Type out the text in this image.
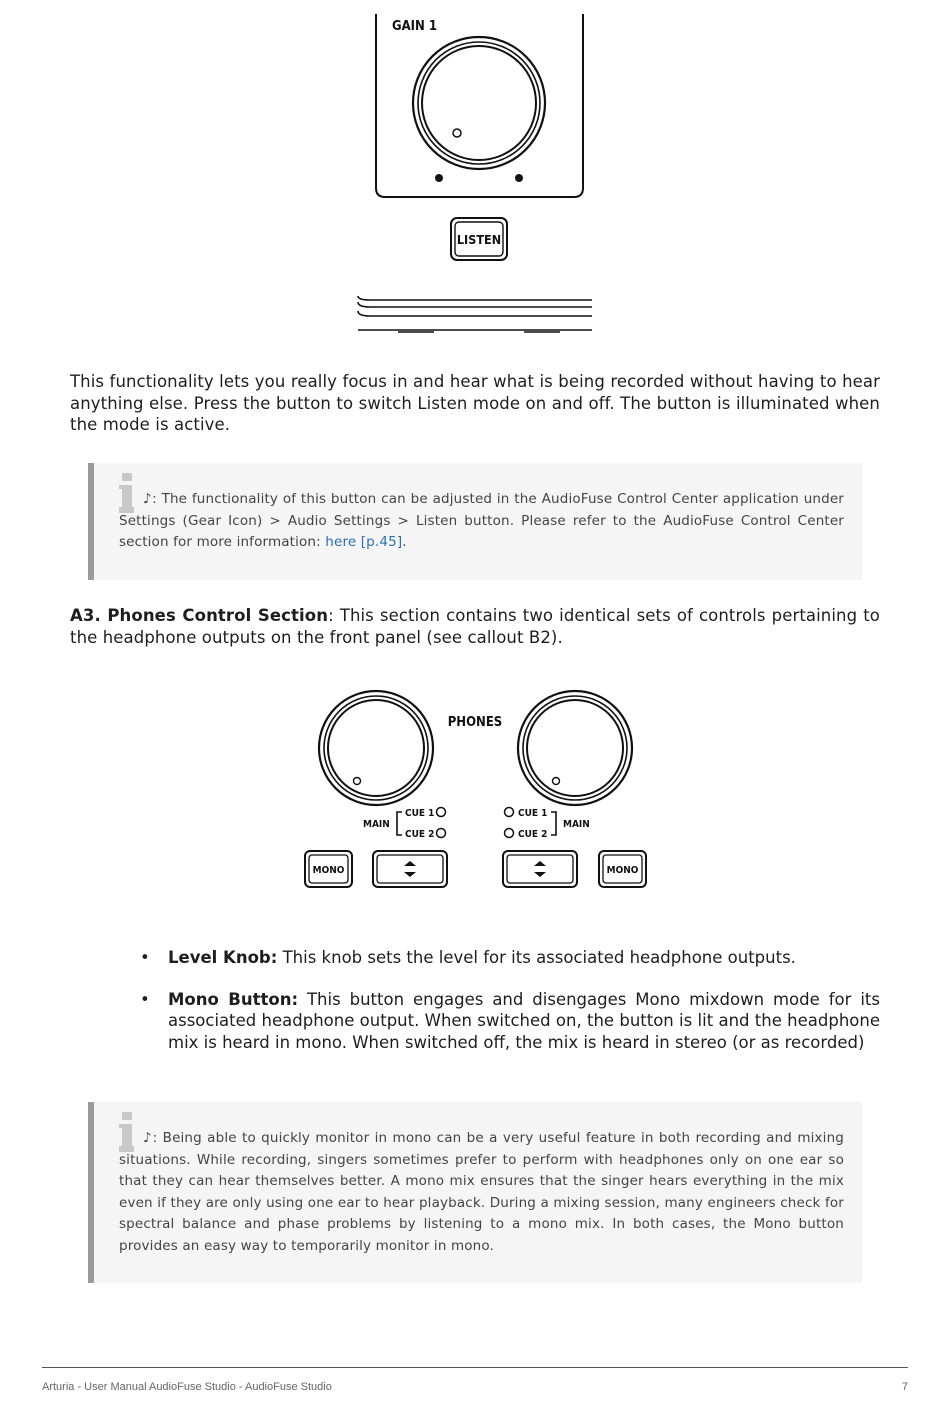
GAIN 1
LISTEN

This functionality lets you really focus in and hear what is being recorded without having to hear anything else. Press the button to switch Listen mode on and off. The button is illuminated when the mode is active.

♪: The functionality of this button can be adjusted in the AudioFuse Control Center application under Settings (Gear Icon) > Audio Settings > Listen button. Please refer to the AudioFuse Control Center section for more information: here [p.45].

A3. Phones Control Section: This section contains two identical sets of controls pertaining to the headphone outputs on the front panel (see callout B2).

PHONES
MAIN
CUE 1
CUE 2
CUE 1
CUE 2
MAIN
MONO	MONO
• Level Knob: This knob sets the level for its associated headphone outputs.
• Mono Button: This button engages and disengages Mono mixdown mode for its associated headphone output. When switched on, the button is lit and the headphone mix is heard in mono. When switched off, the mix is heard in stereo (or as recorded)
♪: Being able to quickly monitor in mono can be a very useful feature in both recording and mixing situations. While recording, singers sometimes prefer to perform with headphones only on one ear so that they can hear themselves better. A mono mix ensures that the singer hears everything in the mix even if they are only using one ear to hear playback. During a mixing session, many engineers check for spectral balance and phase problems by listening to a mono mix. In both cases, the Mono button provides an easy way to temporarily monitor in mono.
Arturia - User Manual AudioFuse Studio - AudioFuse Studio	7
